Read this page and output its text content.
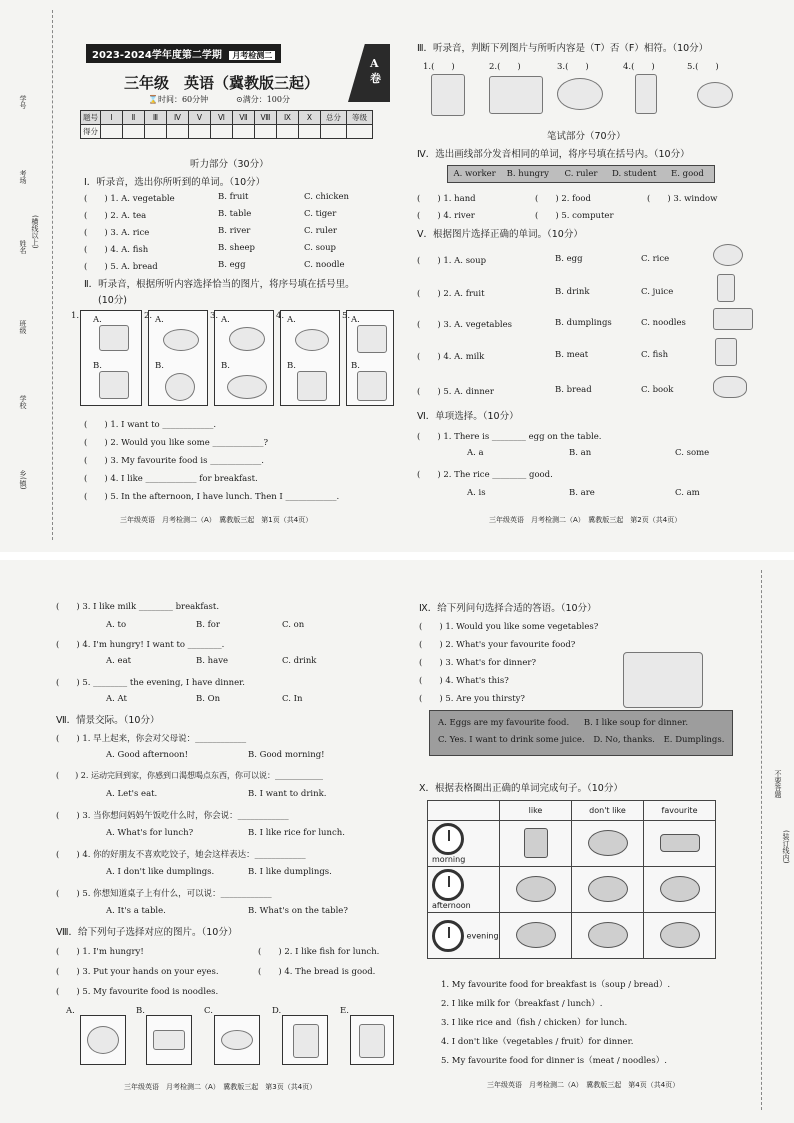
学号
考场
姓名 (横线以上)
班级
学校
乡(镇)
2023-2024学年度第二学期 月考检测二
三年级　英语（冀教版三起）
⌛时间：60分钟	⊙满分：100分
A卷
题号	Ⅰ	Ⅱ	Ⅲ	Ⅳ	Ⅴ	Ⅵ	Ⅶ	Ⅷ	Ⅸ	Ⅹ	总分	等级
得分												
听力部分（30分）
Ⅰ．听录音，选出你所听到的单词。（10分）
(　　) 1. A. vegetable	B. fruit	C. chicken
(　　) 2. A. tea	B. table	C. tiger
(　　) 3. A. rice	B. river	C. ruler
(　　) 4. A. fish	B. sheep	C. soup
(　　) 5. A. bread	B. egg	C. noodle
Ⅱ．听录音，根据所听内容选择恰当的图片，将序号填在括号里。
(10分)
1. A.
B.
2. A.
B.
3. A.
B.
4. A.
B.
5. A.
B.
(　　) 1. I want to ____________.
(　　) 2. Would you like some ____________?
(　　) 3. My favourite food is ____________.
(　　) 4. I like ____________ for breakfast.
(　　) 5. In the afternoon, I have lunch. Then I ____________.
三年级英语　月考检测二（A）　冀教版三起　第1页（共4页）
Ⅲ．听录音，判断下列图片与所听内容是（T）否（F）相符。（10分）
1.(　　)	2.(　　)	3.(　　)	4.(　　)	5.(　　)
笔试部分（70分）
Ⅳ．选出画线部分发音相同的单词，将序号填在括号内。（10分）
A. worker	B. hungry	C. ruler	D. student	E. good
(　　) 1. hand	(　　) 2. food	(　　) 3. window
(　　) 4. river	(　　) 5. computer
Ⅴ．根据图片选择正确的单词。（10分）
(　　) 1. A. soup	B. egg	C. rice
(　　) 2. A. fruit	B. drink	C. juice
(　　) 3. A. vegetables	B. dumplings	C. noodles
(　　) 4. A. milk	B. meat	C. fish
(　　) 5. A. dinner	B. bread	C. book
Ⅵ．单项选择。（10分）
(　　) 1. There is ________ egg on the table.
A. a	B. an	C. some
(　　) 2. The rice ________ good.
A. is	B. are	C. am
三年级英语　月考检测二（A）　冀教版三起　第2页（共4页）
(　　) 3. I like milk ________ breakfast.
A. to	B. for	C. on
(　　) 4. I'm hungry! I want to ________.
A. eat	B. have	C. drink
(　　) 5. ________ the evening, I have dinner.
A. At	B. On	C. In
Ⅶ．情景交际。（10分）
(　　) 1. 早上起来，你会对父母说：____________
A. Good afternoon!	B. Good morning!
(　　) 2. 运动完回到家，你感到口渴想喝点东西，你可以说：____________
A. Let's eat.	B. I want to drink.
(　　) 3. 当你想问妈妈午饭吃什么时，你会说：____________
A. What's for lunch?	B. I like rice for lunch.
(　　) 4. 你的好朋友不喜欢吃饺子，她会这样表达：____________
A. I don't like dumplings.	B. I like dumplings.
(　　) 5. 你想知道桌子上有什么，可以说：____________
A. It's a table.	B. What's on the table?
Ⅷ．给下列句子选择对应的图片。（10分）
(　　) 1. I'm hungry!	(　　) 2. I like fish for lunch.
(　　) 3. Put your hands on your eyes.	(　　) 4. The bread is good.
(　　) 5. My favourite food is noodles.
A.	B.	C.	D.	E.
三年级英语　月考检测二（A）　冀教版三起　第3页（共4页）
不要答题
(装订线内)
Ⅸ．给下列问句选择合适的答语。（10分）
(　　) 1. Would you like some vegetables?
(　　) 2. What's your favourite food?
(　　) 3. What's for dinner?
(　　) 4. What's this?
(　　) 5. Are you thirsty?
A. Eggs are my favourite food. B. I like soup for dinner.
C. Yes. I want to drink some juice. D. No, thanks. E. Dumplings.
Ⅹ．根据表格圈出正确的单词完成句子。（10分）
	like	don't like	favourite
morning			
afternoon			
evening			
1. My favourite food for breakfast is（soup / bread）.
2. I like milk for（breakfast / lunch）.
3. I like rice and（fish / chicken）for lunch.
4. I don't like（vegetables / fruit）for dinner.
5. My favourite food for dinner is（meat / noodles）.
三年级英语　月考检测二（A）　冀教版三起　第4页（共4页）
